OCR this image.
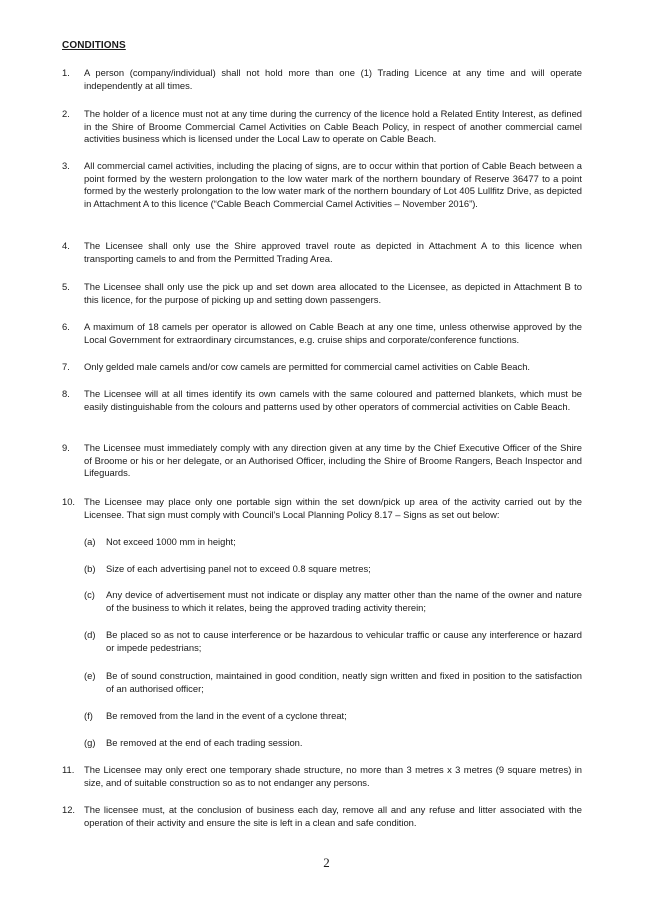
CONDITIONS
1.	A person (company/individual) shall not hold more than one (1) Trading Licence at any time and will operate independently at all times.
2.	The holder of a licence must not at any time during the currency of the licence hold a Related Entity Interest, as defined in the Shire of Broome Commercial Camel Activities on Cable Beach Policy, in respect of another commercial camel activities business which is licensed under the Local Law to operate on Cable Beach.
3.	All commercial camel activities, including the placing of signs, are to occur within that portion of Cable Beach between a point formed by the western prolongation to the low water mark of the northern boundary of Reserve 36477 to a point formed by the westerly prolongation to the low water mark of the northern boundary of Lot 405 Lullfitz Drive, as depicted in Attachment A to this licence (“Cable Beach Commercial Camel Activities – November 2016”).
4.	The Licensee shall only use the Shire approved travel route as depicted in Attachment A to this licence when transporting camels to and from the Permitted Trading Area.
5.	The Licensee shall only use the pick up and set down area allocated to the Licensee, as depicted in Attachment B to this licence, for the purpose of picking up and setting down passengers.
6.	A maximum of 18 camels per operator is allowed on Cable Beach at any one time, unless otherwise approved by the Local Government for extraordinary circumstances, e.g. cruise ships and corporate/conference functions.
7.	Only gelded male camels and/or cow camels are permitted for commercial camel activities on Cable Beach.
8.	The Licensee will at all times identify its own camels with the same coloured and patterned blankets, which must be easily distinguishable from the colours and patterns used by other operators of commercial activities on Cable Beach.
9.	The Licensee must immediately comply with any direction given at any time by the Chief Executive Officer of the Shire of Broome or his or her delegate, or an Authorised Officer, including the Shire of Broome Rangers, Beach Inspector and Lifeguards.
10. The Licensee may place only one portable sign within the set down/pick up area of the activity carried out by the Licensee. That sign must comply with Council’s Local Planning Policy 8.17 – Signs as set out below:
(a)	Not exceed 1000 mm in height;
(b)	Size of each advertising panel not to exceed 0.8 square metres;
(c)	Any device of advertisement must not indicate or display any matter other than the name of the owner and nature of the business to which it relates, being the approved trading activity therein;
(d)	Be placed so as not to cause interference or be hazardous to vehicular traffic or cause any interference or hazard or impede pedestrians;
(e)	Be of sound construction, maintained in good condition, neatly sign written and fixed in position to the satisfaction of an authorised officer;
(f)	Be removed from the land in the event of a cyclone threat;
(g)	Be removed at the end of each trading session.
11.	The Licensee may only erect one temporary shade structure, no more than 3 metres x 3 metres (9 square metres) in size, and of suitable construction so as to not endanger any persons.
12. The licensee must, at the conclusion of business each day, remove all and any refuse and litter associated with the operation of their activity and ensure the site is left in a clean and safe condition.
2
